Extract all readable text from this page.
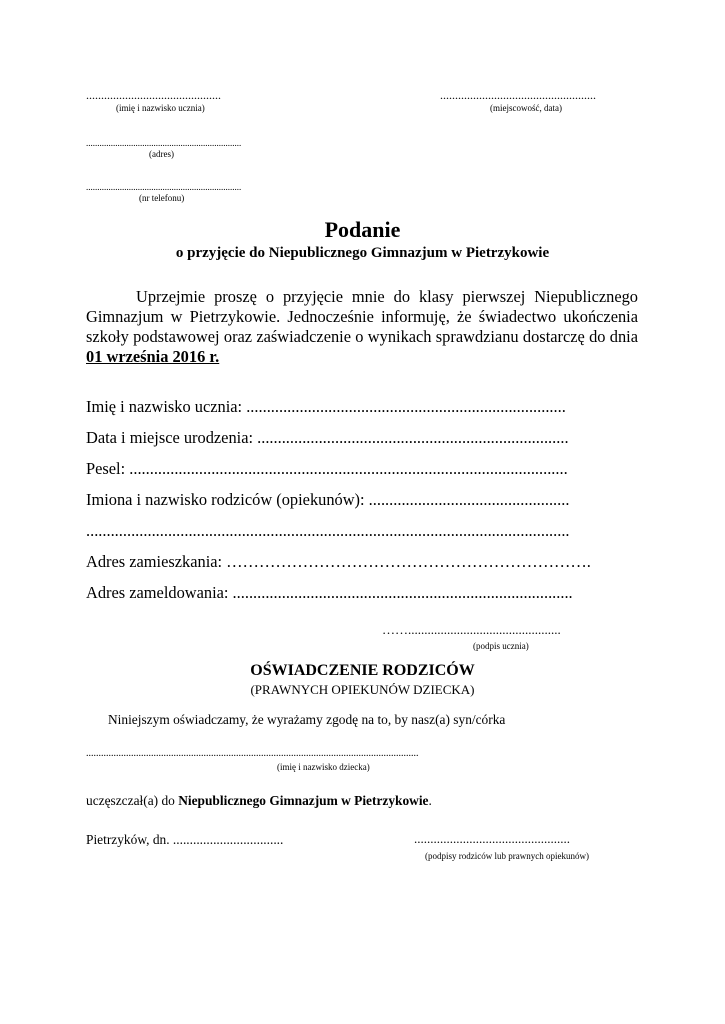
.............................................
(imię i nazwisko ucznia)
....................................................
(miejscowość, data)
.....................................................................
(adres)
.....................................................................
(nr telefonu)
Podanie
o przyjęcie do Niepublicznego Gimnazjum w Pietrzykowie
Uprzejmie proszę o przyjęcie mnie do klasy pierwszej Niepublicznego Gimnazjum w Pietrzykowie. Jednocześnie informuję, że świadectwo ukończenia szkoły podstawowej oraz zaświadczenie o wynikach sprawdzianu dostarczę do dnia 01 września 2016 r.
Imię i nazwisko ucznia: ..............................................................................
Data i miejsce urodzenia: ............................................................................
Pesel: ...........................................................................................................
Imiona i nazwisko rodziców (opiekunów): .................................................
......................................................................................................................
Adres zamieszkania: ………………………………………………………….
Adres zameldowania: ...................................................................................
……...............................................
(podpis ucznia)
OŚWIADCZENIE RODZICÓW
(PRAWNYCH OPIEKUNÓW DZIECKA)
Niniejszym oświadczamy, że wyrażamy zgodę na to, by nasz(a) syn/córka
.....................................................................................................................................
(imię i nazwisko dziecka)
uczęszczał(a) do Niepublicznego Gimnazjum w Pietrzykowie.
Pietrzyków, dn. .................................	................................................
(podpisy rodziców lub prawnych opiekunów)
